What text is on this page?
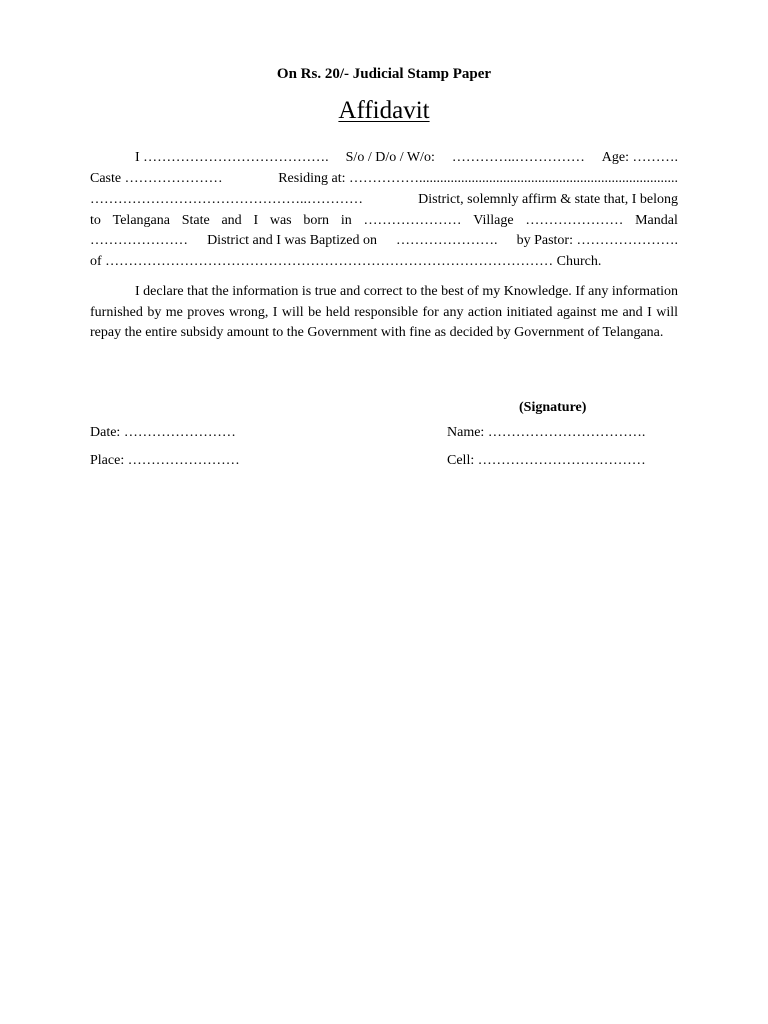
On Rs. 20/- Judicial Stamp Paper
Affidavit
I …………………………………. S/o / D/o / W/o: …………..…………… Age: ……….
Caste …………………	Residing at: ……………..........................................................................
………………………………………..…………	District, solemnly affirm & state that, I belong
to Telangana State and I was born in ………………… Village ………………… Mandal
………………… District and I was Baptized on …………………. by Pastor: ………………….
of …………………………………………………………………………………… Church.
I declare that the information is true and correct to the best of my Knowledge. If any information furnished by me proves wrong, I will be held responsible for any action initiated against me and I will repay the entire subsidy amount to the Government with fine as decided by Government of Telangana.
(Signature)
Date: ……………………	Name: …………………………….
Place: ……………………	Cell: ………………………………
